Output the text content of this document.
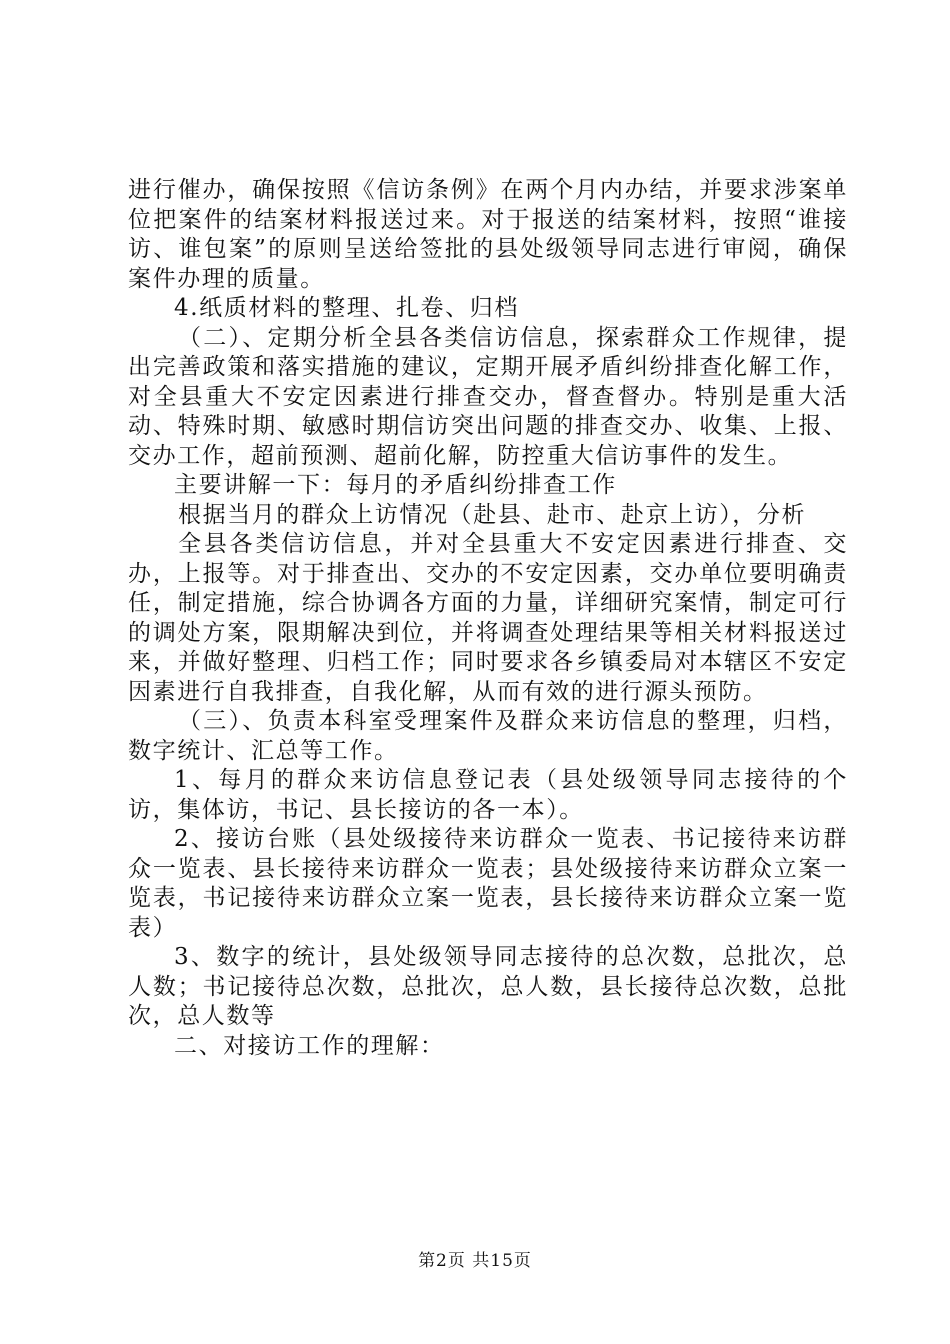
进行催办，确保按照《信访条例》在两个月内办结，并要求涉案单位把案件的结案材料报送过来。对于报送的结案材料，按照“谁接访、谁包案”的原则呈送给签批的县处级领导同志进行审阅，确保案件办理的质量。

4.纸质材料的整理、扎卷、归档

（二）、定期分析全县各类信访信息，探索群众工作规律，提出完善政策和落实措施的建议，定期开展矛盾纠纷排查化解工作，对全县重大不安定因素进行排查交办，督查督办。特别是重大活动、特殊时期、敏感时期信访突出问题的排查交办、收集、上报、交办工作，超前预测、超前化解，防控重大信访事件的发生。

主要讲解一下：每月的矛盾纠纷排查工作

根据当月的群众上访情况（赴县、赴市、赴京上访），分析

全县各类信访信息，并对全县重大不安定因素进行排查、交办，上报等。对于排查出、交办的不安定因素，交办单位要明确责任，制定措施，综合协调各方面的力量，详细研究案情，制定可行的调处方案，限期解决到位，并将调查处理结果等相关材料报送过来，并做好整理、归档工作；同时要求各乡镇委局对本辖区不安定因素进行自我排查，自我化解，从而有效的进行源头预防。

（三）、负责本科室受理案件及群众来访信息的整理，归档，数字统计、汇总等工作。

1、每月的群众来访信息登记表（县处级领导同志接待的个访，集体访，书记、县长接访的各一本）。

2、接访台账（县处级接待来访群众一览表、书记接待来访群众一览表、县长接待来访群众一览表；县处级接待来访群众立案一览表，书记接待来访群众立案一览表，县长接待来访群众立案一览表）

3、数字的统计，县处级领导同志接待的总次数，总批次，总人数；书记接待总次数，总批次，总人数，县长接待总次数，总批次，总人数等

二、对接访工作的理解：

第2页 共15页
